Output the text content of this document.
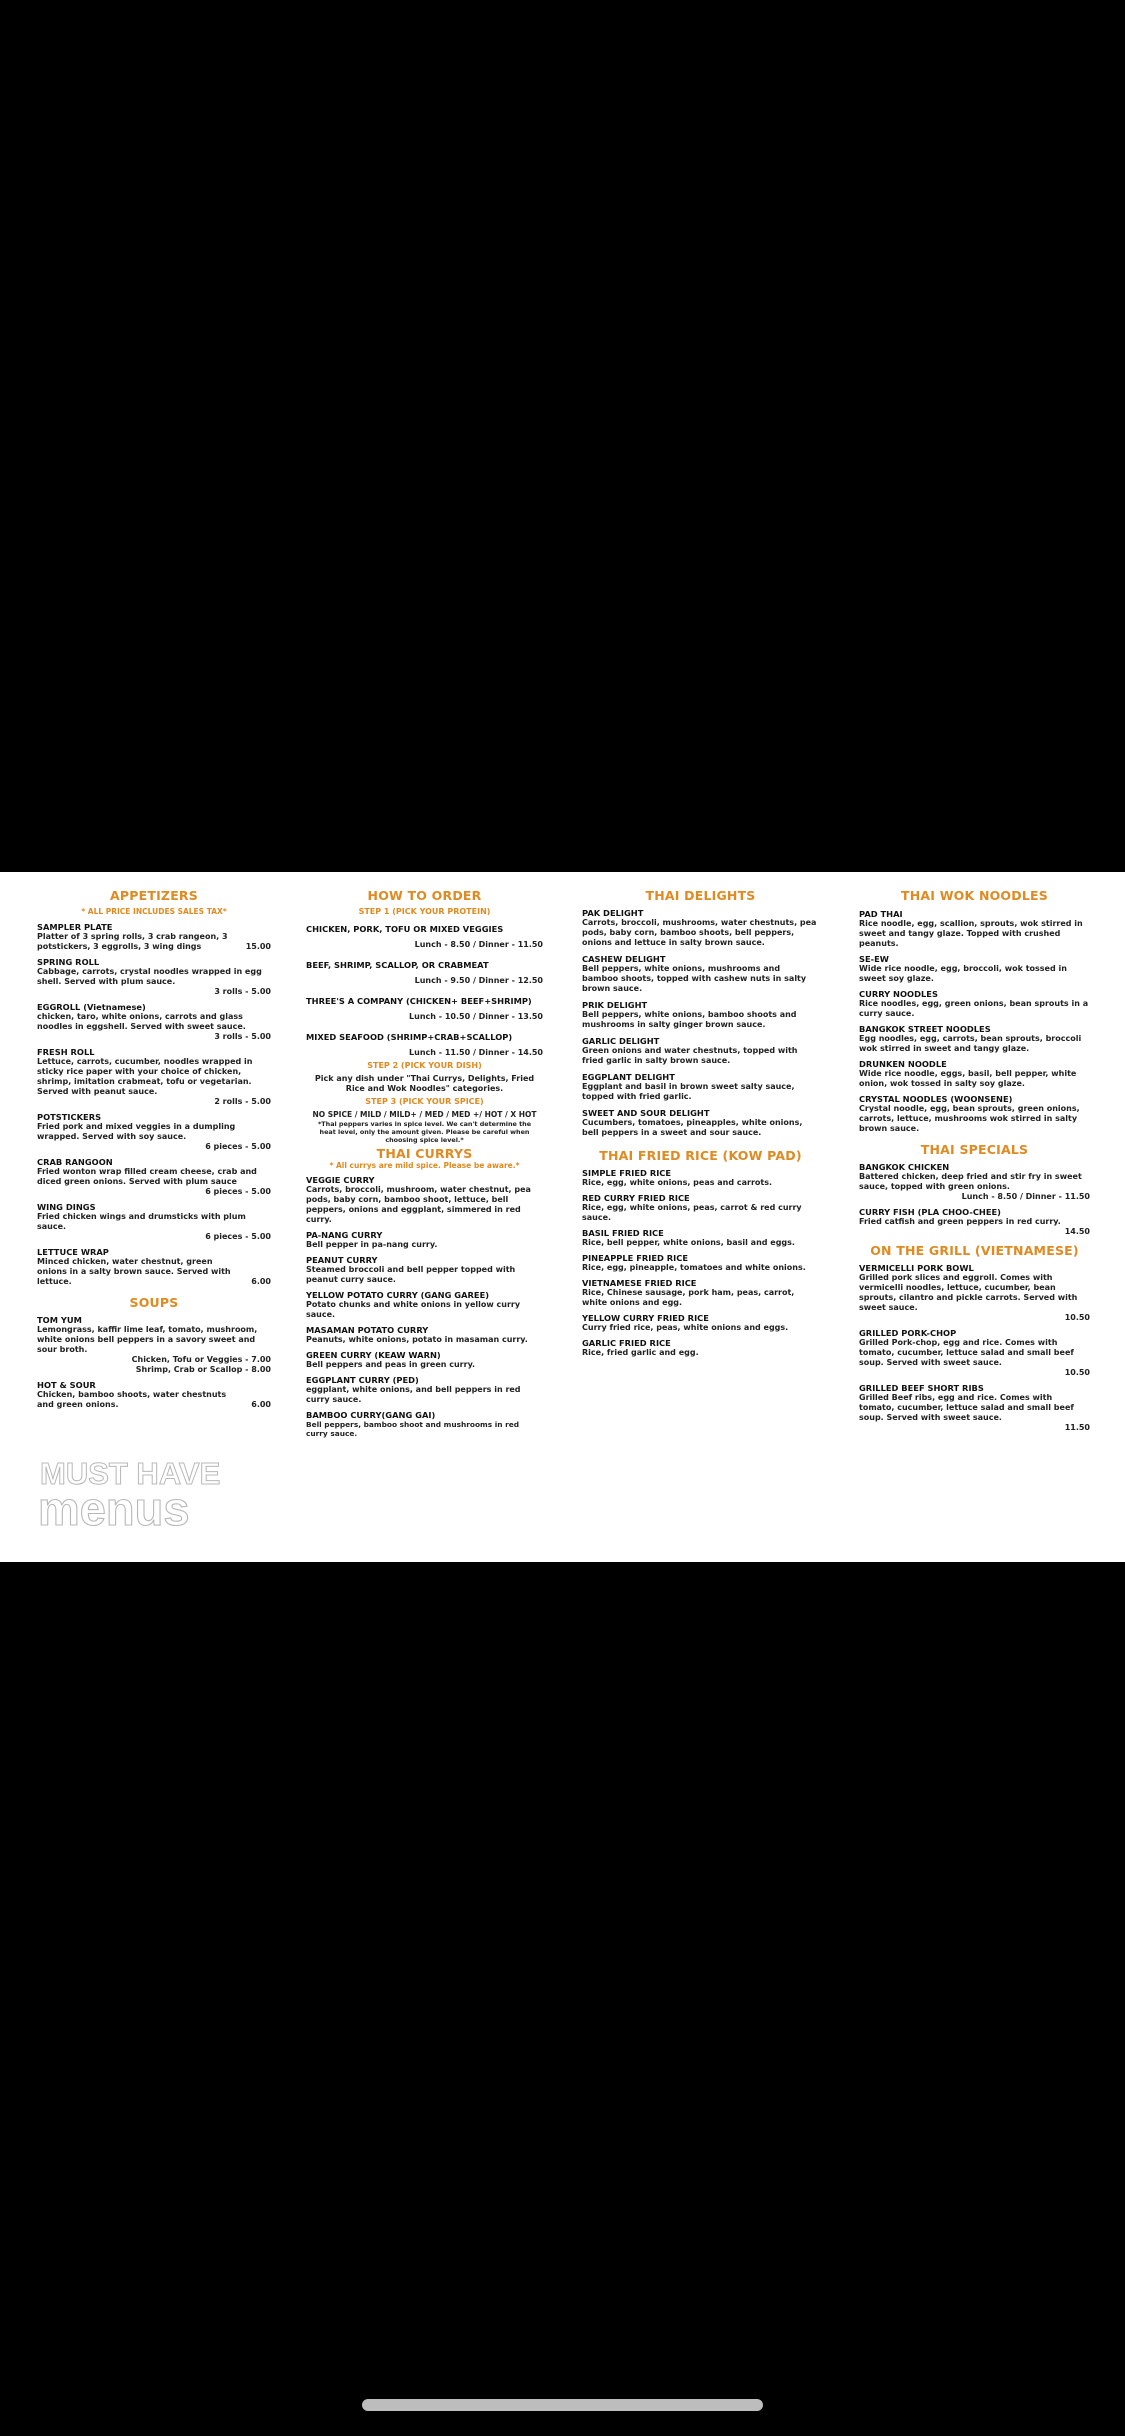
APPETIZERS
* ALL PRICE INCLUDES SALES TAX*
SAMPLER PLATE
Platter of 3 spring rolls, 3 crab rangeon, 3 potstickers, 3 eggrolls, 3 wing dings	15.00
SPRING ROLL
Cabbage, carrots, crystal noodles wrapped in egg shell. Served with plum sauce.
3 rolls - 5.00
EGGROLL (Vietnamese)
chicken, taro, white onions, carrots and glass noodles in eggshell. Served with sweet sauce.
3 rolls - 5.00
FRESH ROLL
Lettuce, carrots, cucumber, noodles wrapped in sticky rice paper with your choice of chicken, shrimp, imitation crabmeat, tofu or vegetarian. Served with peanut sauce.
2 rolls - 5.00
POTSTICKERS
Fried pork and mixed veggies in a dumpling wrapped. Served with soy sauce.
6 pieces - 5.00
CRAB RANGOON
Fried wonton wrap filled cream cheese, crab and diced green onions. Served with plum sauce
6 pieces - 5.00
WING DINGS
Fried chicken wings and drumsticks with plum sauce.
6 pieces - 5.00
LETTUCE WRAP
Minced chicken, water chestnut, green onions in a salty brown sauce. Served with lettuce.	6.00
SOUPS
TOM YUM
Lemongrass, kaffir lime leaf, tomato, mushroom, white onions bell peppers in a savory sweet and sour broth.
Chicken, Tofu or Veggies - 7.00
Shrimp, Crab or Scallop - 8.00
HOT & SOUR
Chicken, bamboo shoots, water chestnuts and green onions.	6.00
MUST HAVE
menus
HOW TO ORDER
STEP 1 (PICK YOUR PROTEIN)
CHICKEN, PORK, TOFU OR MIXED VEGGIES
Lunch - 8.50 / Dinner - 11.50
BEEF, SHRIMP, SCALLOP, OR CRABMEAT
Lunch - 9.50 / Dinner - 12.50
THREE'S A COMPANY (CHICKEN+ BEEF+SHRIMP)
Lunch - 10.50 / Dinner - 13.50
MIXED SEAFOOD (SHRIMP+CRAB+SCALLOP)
Lunch - 11.50 / Dinner - 14.50
STEP 2 (PICK YOUR DISH)
Pick any dish under "Thai Currys, Delights, Fried Rice and Wok Noodles" categories.
STEP 3 (PICK YOUR SPICE)
NO SPICE / MILD / MILD+ / MED / MED +/ HOT / X HOT
*Thai peppers varies in spice level. We can't determine the heat level, only the amount given. Please be careful when choosing spice level.*
THAI CURRYS
* All currys are mild spice. Please be aware.*
VEGGIE CURRY
Carrots, broccoli, mushroom, water chestnut, pea pods, baby corn, bamboo shoot, lettuce, bell peppers, onions and eggplant, simmered in red curry.
PA-NANG CURRY
Bell pepper in pa-nang curry.
PEANUT CURRY
Steamed broccoli and bell pepper topped with peanut curry sauce.
YELLOW POTATO CURRY (GANG GAREE)
Potato chunks and white onions in yellow curry sauce.
MASAMAN POTATO CURRY
Peanuts, white onions, potato in masaman curry.
GREEN CURRY (KEAW WARN)
Bell peppers and peas in green curry.
EGGPLANT CURRY (PED)
eggplant, white onions, and bell peppers in red curry sauce.
BAMBOO CURRY(GANG GAI)
Bell peppers, bamboo shoot and mushrooms in red curry sauce.
THAI DELIGHTS
PAK DELIGHT
Carrots, broccoli, mushrooms, water chestnuts, pea pods, baby corn, bamboo shoots, bell peppers, onions and lettuce in salty brown sauce.
CASHEW DELIGHT
Bell peppers, white onions, mushrooms and bamboo shoots, topped with cashew nuts in salty brown sauce.
PRIK DELIGHT
Bell peppers, white onions, bamboo shoots and mushrooms in salty ginger brown sauce.
GARLIC DELIGHT
Green onions and water chestnuts, topped with fried garlic in salty brown sauce.
EGGPLANT DELIGHT
Eggplant and basil in brown sweet salty sauce, topped with fried garlic.
SWEET AND SOUR DELIGHT
Cucumbers, tomatoes, pineapples, white onions, bell peppers in a sweet and sour sauce.
THAI FRIED RICE (KOW PAD)
SIMPLE FRIED RICE
Rice, egg, white onions, peas and carrots.
RED CURRY FRIED RICE
Rice, egg, white onions, peas, carrot & red curry sauce.
BASIL FRIED RICE
Rice, bell pepper, white onions, basil and eggs.
PINEAPPLE FRIED RICE
Rice, egg, pineapple, tomatoes and white onions.
VIETNAMESE FRIED RICE
Rice, Chinese sausage, pork ham, peas, carrot, white onions and egg.
YELLOW CURRY FRIED RICE
Curry fried rice, peas, white onions and eggs.
GARLIC FRIED RICE
Rice, fried garlic and egg.
THAI WOK NOODLES
PAD THAI
Rice noodle, egg, scallion, sprouts, wok stirred in sweet and tangy glaze. Topped with crushed peanuts.
SE-EW
Wide rice noodle, egg, broccoli, wok tossed in sweet soy glaze.
CURRY NOODLES
Rice noodles, egg, green onions, bean sprouts in a curry sauce.
BANGKOK STREET NOODLES
Egg noodles, egg, carrots, bean sprouts, broccoli wok stirred in sweet and tangy glaze.
DRUNKEN NOODLE
Wide rice noodle, eggs, basil, bell pepper, white onion, wok tossed in salty soy glaze.
CRYSTAL NOODLES (WOONSENE)
Crystal noodle, egg, bean sprouts, green onions, carrots, lettuce, mushrooms wok stirred in salty brown sauce.
THAI SPECIALS
BANGKOK CHICKEN
Battered chicken, deep fried and stir fry in sweet sauce, topped with green onions.
Lunch - 8.50 / Dinner - 11.50
CURRY FISH (PLA CHOO-CHEE)
Fried catfish and green peppers in red curry.
14.50
ON THE GRILL (VIETNAMESE)
VERMICELLI PORK BOWL
Grilled pork slices and eggroll. Comes with vermicelli noodles, lettuce, cucumber, bean sprouts, cilantro and pickle carrots. Served with sweet sauce.
10.50
GRILLED PORK-CHOP
Grilled Pork-chop, egg and rice. Comes with tomato, cucumber, lettuce salad and small beef soup. Served with sweet sauce.
10.50
GRILLED BEEF SHORT RIBS
Grilled Beef ribs, egg and rice. Comes with tomato, cucumber, lettuce salad and small beef soup. Served with sweet sauce.
11.50
